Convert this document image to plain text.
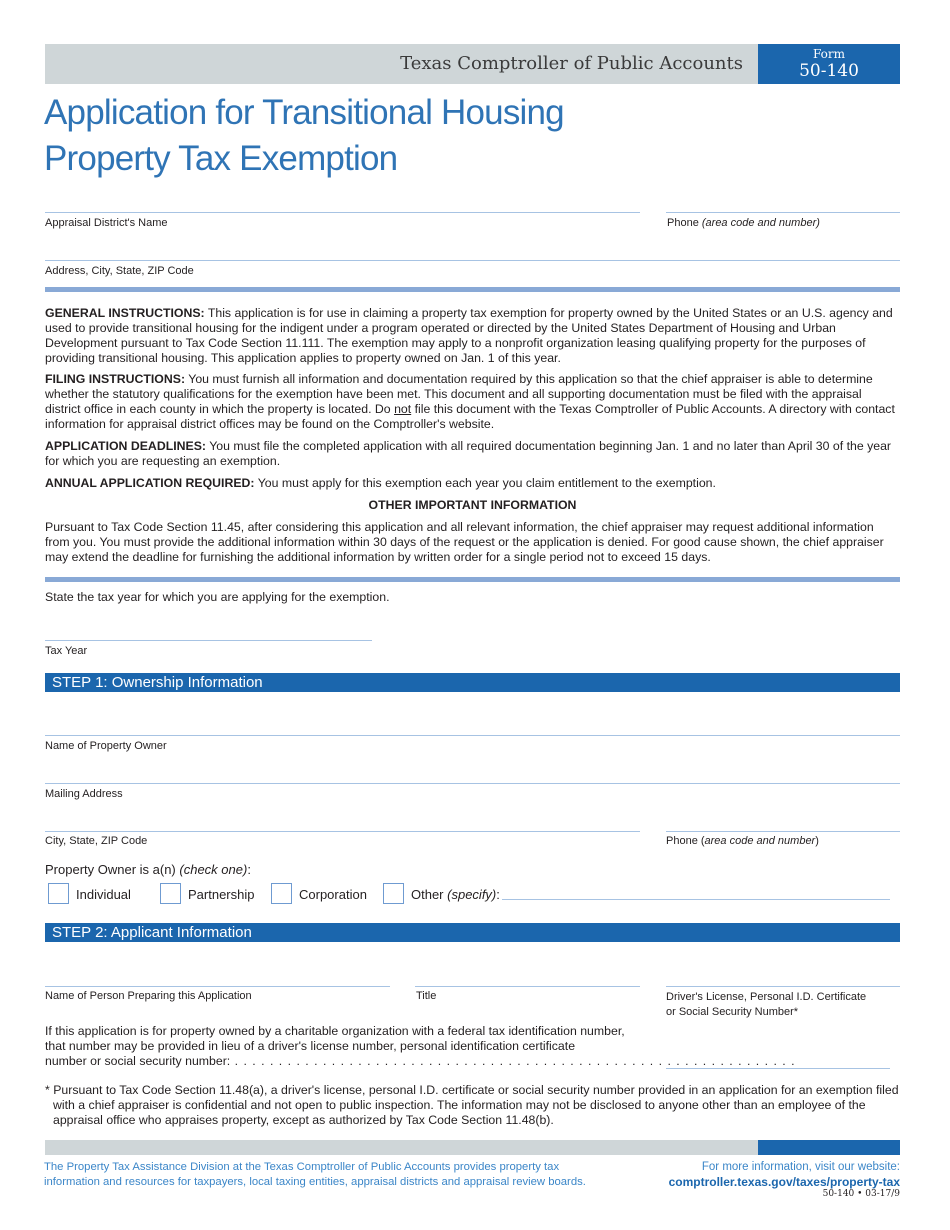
Texas Comptroller of Public Accounts	Form
50-140
Application for Transitional Housing
Property Tax Exemption
Appraisal District's Name	Phone (area code and number)
Address, City, State, ZIP Code
GENERAL INSTRUCTIONS: This application is for use in claiming a property tax exemption for property owned by the United States or an U.S. agency and used to provide transitional housing for the indigent under a program operated or directed by the United States Department of Housing and Urban Development pursuant to Tax Code Section 11.111. The exemption may apply to a nonprofit organization leasing qualifying property for the purposes of providing transitional housing. This application applies to property owned on Jan. 1 of this year.
FILING INSTRUCTIONS: You must furnish all information and documentation required by this application so that the chief appraiser is able to determine whether the statutory qualifications for the exemption have been met. This document and all supporting documentation must be filed with the appraisal district office in each county in which the property is located. Do not file this document with the Texas Comptroller of Public Accounts. A directory with contact information for appraisal district offices may be found on the Comptroller's website.
APPLICATION DEADLINES: You must file the completed application with all required documentation beginning Jan. 1 and no later than April 30 of the year for which you are requesting an exemption.
ANNUAL APPLICATION REQUIRED: You must apply for this exemption each year you claim entitlement to the exemption.
OTHER IMPORTANT INFORMATION
Pursuant to Tax Code Section 11.45, after considering this application and all relevant information, the chief appraiser may request additional information from you. You must provide the additional information within 30 days of the request or the application is denied. For good cause shown, the chief appraiser may extend the deadline for furnishing the additional information by written order for a single period not to exceed 15 days.
State the tax year for which you are applying for the exemption.
Tax Year
STEP 1: Ownership Information
Name of Property Owner
Mailing Address
City, State, ZIP Code	Phone (area code and number)
Property Owner is a(n) (check one):
Individual	Partnership	Corporation	Other (specify):
STEP 2: Applicant Information
Name of Person Preparing this Application	Title	Driver's License, Personal I.D. Certificate
or Social Security Number*
If this application is for property owned by a charitable organization with a federal tax identification number,
that number may be provided in lieu of a driver's license number, personal identification certificate
number or social security number: . . . . . . . . . . . . . . . . . . . . . . . . . . . . . . . . . . . . . . . . . . . . . . . . . . . . . . . . . . . . . . . .
* Pursuant to Tax Code Section 11.48(a), a driver's license, personal I.D. certificate or social security number provided in an application for an exemption filed with a chief appraiser is confidential and not open to public inspection. The information may not be disclosed to anyone other than an employee of the appraisal office who appraises property, except as authorized by Tax Code Section 11.48(b).
The Property Tax Assistance Division at the Texas Comptroller of Public Accounts provides property tax information and resources for taxpayers, local taxing entities, appraisal districts and appraisal review boards.
For more information, visit our website:
comptroller.texas.gov/taxes/property-tax
50-140 • 03-17/9
